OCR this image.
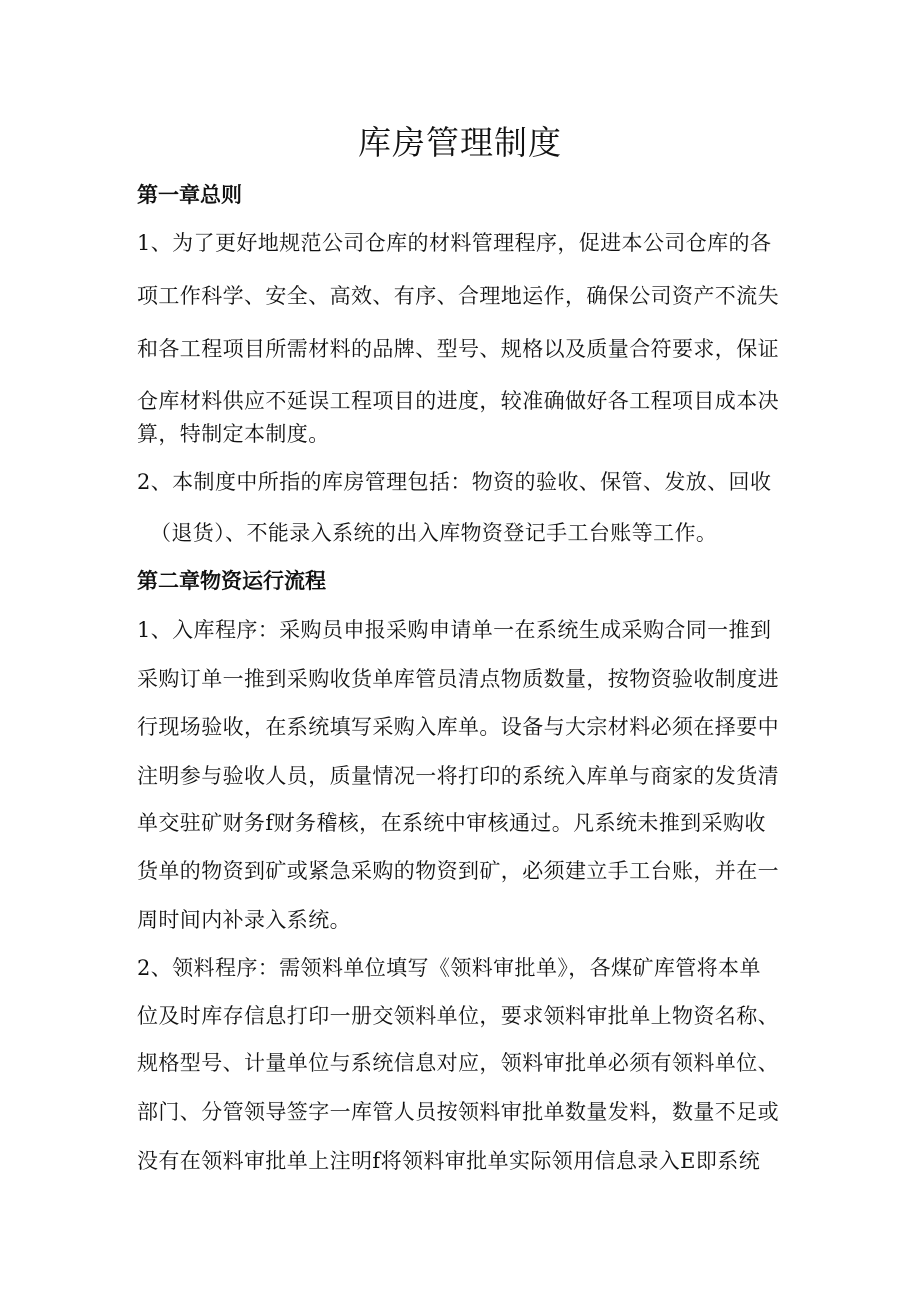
库房管理制度
第一章总则

1、为了更好地规范公司仓库的材料管理程序，促进本公司仓库的各

项工作科学、安全、高效、有序、合理地运作，确保公司资产不流失

和各工程项目所需材料的品牌、型号、规格以及质量合符要求，保证

仓库材料供应不延误工程项目的进度，较准确做好各工程项目成本决

算，特制定本制度。

2、本制度中所指的库房管理包括：物资的验收、保管、发放、回收

（退货）、不能录入系统的出入库物资登记手工台账等工作。

第二章物资运行流程

1、入库程序：采购员申报采购申请单一在系统生成采购合同一推到

采购订单一推到采购收货单库管员清点物质数量，按物资验收制度进

行现场验收，在系统填写采购入库单。设备与大宗材料必须在择要中

注明参与验收人员，质量情况一将打印的系统入库单与商家的发货清

单交驻矿财务f财务稽核，在系统中审核通过。凡系统未推到采购收

货单的物资到矿或紧急采购的物资到矿，必须建立手工台账，并在一

周时间内补录入系统。

2、领料程序：需领料单位填写《领料审批单》，各煤矿库管将本单

位及时库存信息打印一册交领料单位，要求领料审批单上物资名称、

规格型号、计量单位与系统信息对应，领料审批单必须有领料单位、

部门、分管领导签字一库管人员按领料审批单数量发料，数量不足或

没有在领料审批单上注明f将领料审批单实际领用信息录入E即系统
